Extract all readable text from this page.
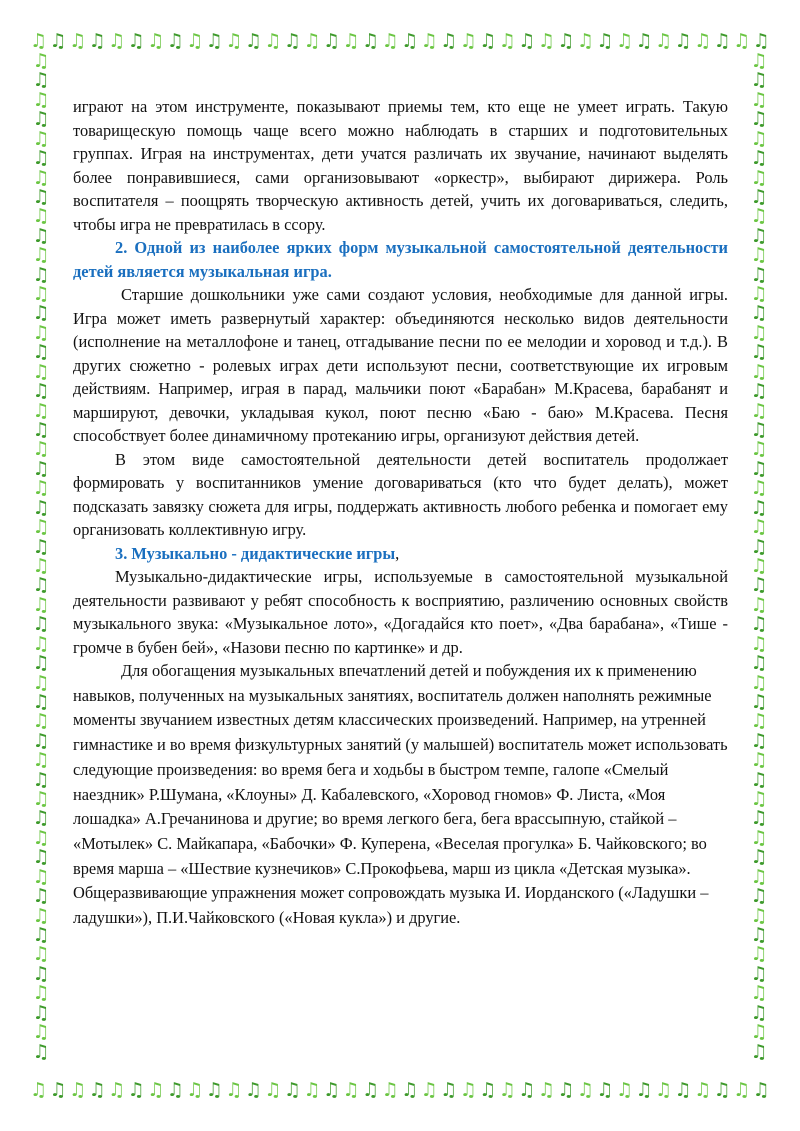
♫ ♫ ♫ ♫ ♫ ♫ ♫ ♫ ♫ ♫ ♫ ♫ ♫ ♫ ♫ ♫ ♫ ♫ ♫ ♫ ♫ ♫ ♫ ♫ ♫ ♫ ♫ ♫ ♫ ♫ ♫ ♫ ♫ ♫ ♫ ♫ ♫ ♫
♫ ♫ ♫ ♫ ♫ ♫ ♫ ♫ ♫ ♫ ♫ ♫ ♫ ♫ ♫ ♫ ♫ ♫ ♫ ♫ ♫ ♫ ♫ ♫ ♫ ♫ ♫ ♫ ♫ ♫ ♫ ♫ ♫ ♫ ♫ ♫ ♫ ♫
♫
♫
♫
♫
♫
♫
♫
♫
♫
♫
♫
♫
♫
♫
♫
♫
♫
♫
♫
♫
♫
♫
♫
♫
♫
♫
♫
♫
♫
♫
♫
♫
♫
♫
♫
♫
♫
♫
♫
♫
♫
♫
♫
♫
♫
♫
♫
♫
♫
♫
♫
♫
♫
♫
♫
♫
♫
♫
♫
♫
♫
♫
♫
♫
♫
♫
♫
♫
♫
♫
♫
♫
♫
♫
♫
♫
♫
♫
♫
♫
♫
♫
♫
♫
♫
♫
♫
♫
♫
♫
♫
♫
♫
♫
♫
♫
♫
♫
♫
♫
♫
♫
♫
♫

играют на этом инструменте, показывают приемы тем, кто еще не умеет играть. Такую товарищескую помощь чаще всего можно наблюдать в старших и подготовительных группах. Играя на инструментах, дети учатся различать их звучание, начинают выделять более понравившиеся, сами организовывают «оркестр», выбирают дирижера. Роль воспитателя – поощрять творческую активность детей, учить их договариваться, следить, чтобы игра не превратилась в ссору.

2. Одной из наиболее ярких форм музыкальной самостоятельной деятельности детей является музыкальная игра.

Старшие дошкольники уже сами создают условия, необходимые для данной игры. Игра может иметь развернутый характер: объединяются несколько видов деятельности (исполнение на металлофоне и танец, отгадывание песни по ее мелодии и хоровод и т.д.). В других сюжетно - ролевых играх дети используют песни, соответствующие их игровым действиям. Например, играя в парад, мальчики поют «Барабан» М.Красева, барабанят и маршируют, девочки, укладывая кукол, поют песню «Баю - баю» М.Красева. Песня способствует более динамичному протеканию игры, организуют действия детей.

В этом виде самостоятельной деятельности детей воспитатель продолжает формировать у воспитанников умение договариваться (кто что будет делать), может подсказать завязку сюжета для игры, поддержать активность любого ребенка и помогает ему организовать коллективную игру.

3. Музыкально - дидактические игры,

Музыкально-дидактические игры, используемые в самостоятельной музыкальной деятельности развивают у ребят способность к восприятию, различению основных свойств музыкального звука: «Музыкальное лото», «Догадайся кто поет», «Два барабана», «Тише - громче в бубен бей», «Назови песню по картинке» и др.

Для обогащения музыкальных впечатлений детей и побуждения их к применению навыков, полученных на музыкальных занятиях, воспитатель должен наполнять режимные моменты звучанием известных детям классических произведений. Например, на утренней гимнастике и во время физкультурных занятий (у малышей) воспитатель может использовать следующие произведения: во время бега и ходьбы в быстром темпе, галопе «Смелый наездник» Р.Шумана, «Клоуны» Д. Кабалевского, «Хоровод гномов» Ф. Листа, «Моя лошадка» А.Гречанинова и другие; во время легкого бега, бега врассыпную, стайкой – «Мотылек» С. Майкапара, «Бабочки» Ф. Куперена, «Веселая прогулка» Б. Чайковского; во время марша – «Шествие кузнечиков» С.Прокофьева, марш из цикла «Детская музыка». Общеразвивающие упражнения может сопровождать музыка И. Иорданского («Ладушки – ладушки»), П.И.Чайковского («Новая кукла») и другие.
